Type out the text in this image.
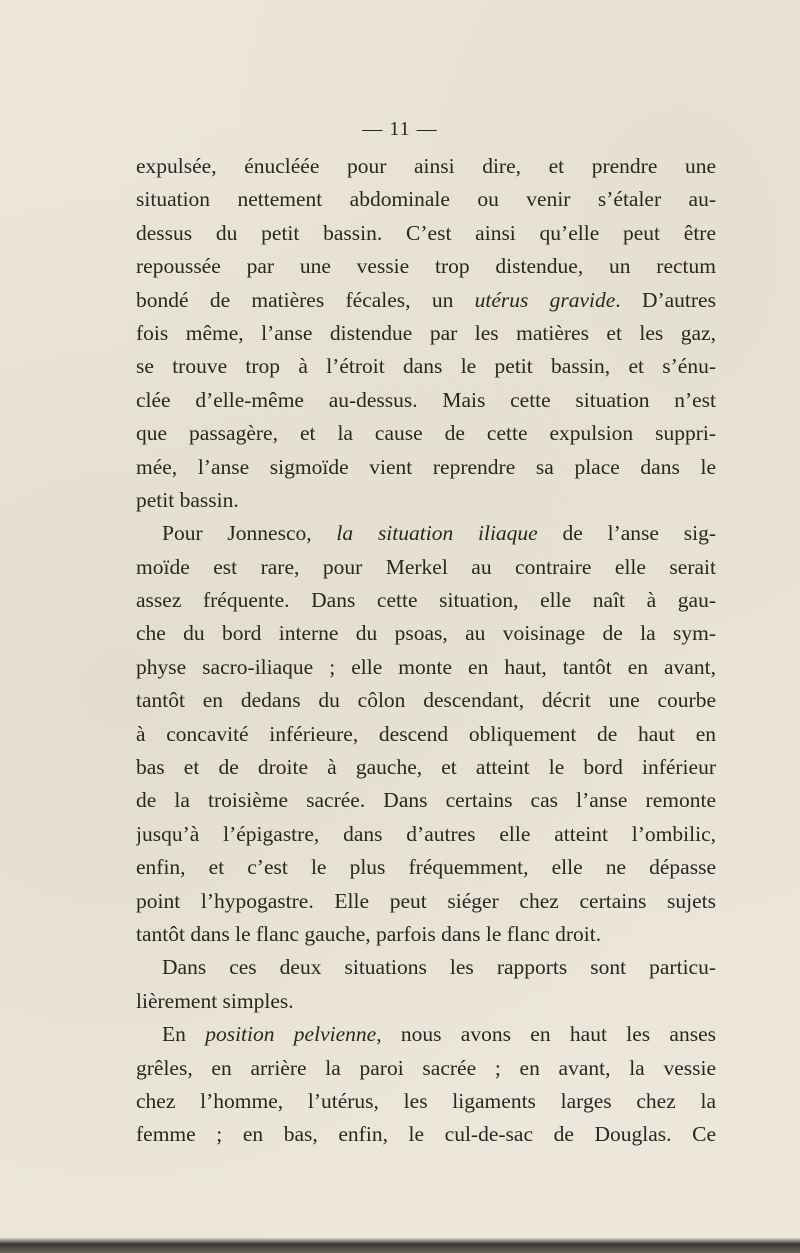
— 11 —
expulsée, énucléée pour ainsi dire, et prendre une
situation nettement abdominale ou venir s’étaler au-
dessus du petit bassin. C’est ainsi qu’elle peut être
repoussée par une vessie trop distendue, un rectum
bondé de matières fécales, un utérus gravide. D’autres
fois même, l’anse distendue par les matières et les gaz,
se trouve trop à l’étroit dans le petit bassin, et s’énu-
clée d’elle-même au-dessus. Mais cette situation n’est
que passagère, et la cause de cette expulsion suppri-
mée, l’anse sigmoïde vient reprendre sa place dans le
petit bassin.
Pour Jonnesco, la situation iliaque de l’anse sig-
moïde est rare, pour Merkel au contraire elle serait
assez fréquente. Dans cette situation, elle naît à gau-
che du bord interne du psoas, au voisinage de la sym-
physe sacro-iliaque ; elle monte en haut, tantôt en avant,
tantôt en dedans du côlon descendant, décrit une courbe
à concavité inférieure, descend obliquement de haut en
bas et de droite à gauche, et atteint le bord inférieur
de la troisième sacrée. Dans certains cas l’anse remonte
jusqu’à l’épigastre, dans d’autres elle atteint l’ombilic,
enfin, et c’est le plus fréquemment, elle ne dépasse
point l’hypogastre. Elle peut siéger chez certains sujets
tantôt dans le flanc gauche, parfois dans le flanc droit.
Dans ces deux situations les rapports sont particu-
lièrement simples.
En position pelvienne, nous avons en haut les anses
grêles, en arrière la paroi sacrée ; en avant, la vessie
chez l’homme, l’utérus, les ligaments larges chez la
femme ; en bas, enfin, le cul-de-sac de Douglas. Ce
